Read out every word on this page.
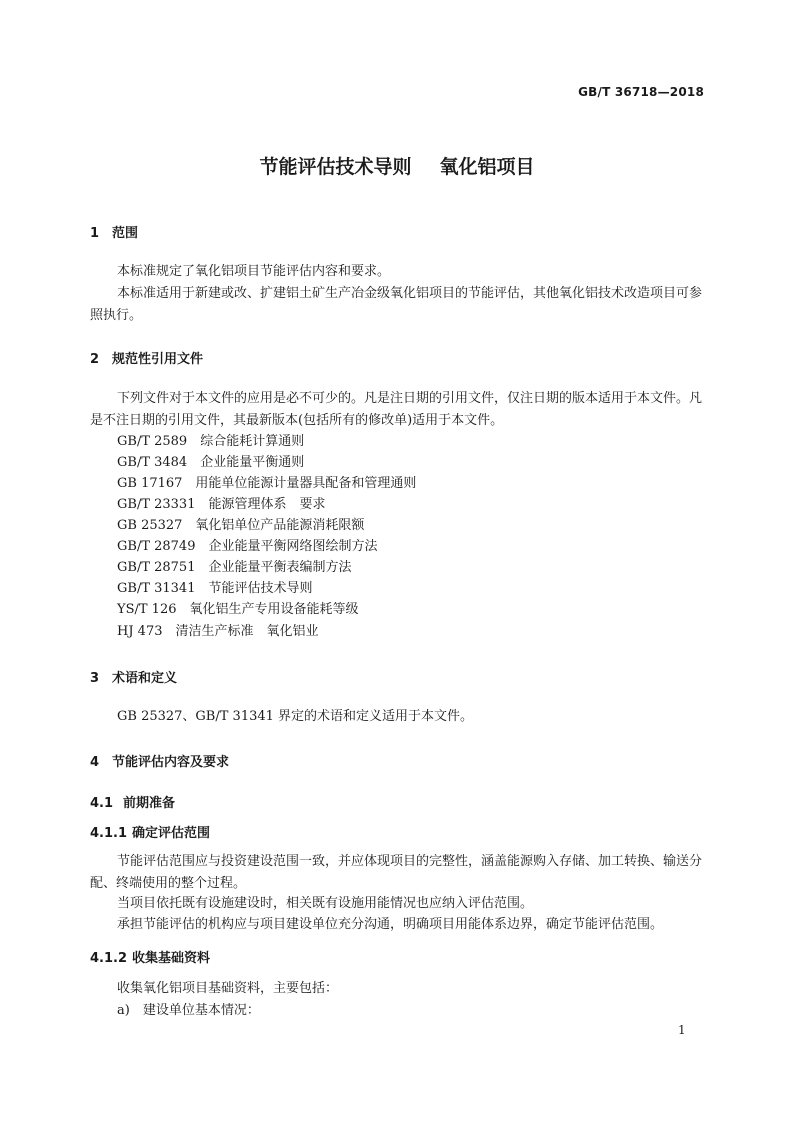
GB/T 36718—2018
节能评估技术导则 氧化铝项目
1 范围
本标准规定了氧化铝项目节能评估内容和要求。
本标准适用于新建或改、扩建铝土矿生产冶金级氧化铝项目的节能评估，其他氧化铝技术改造项目可参照执行。
2 规范性引用文件
下列文件对于本文件的应用是必不可少的。凡是注日期的引用文件，仅注日期的版本适用于本文件。凡是不注日期的引用文件，其最新版本(包括所有的修改单)适用于本文件。
GB/T 2589　综合能耗计算通则
GB/T 3484　企业能量平衡通则
GB 17167　用能单位能源计量器具配备和管理通则
GB/T 23331　能源管理体系　要求
GB 25327　氧化铝单位产品能源消耗限额
GB/T 28749　企业能量平衡网络图绘制方法
GB/T 28751　企业能量平衡表编制方法
GB/T 31341　节能评估技术导则
YS/T 126　氧化铝生产专用设备能耗等级
HJ 473　清洁生产标准　氧化铝业
3 术语和定义
GB 25327、GB/T 31341 界定的术语和定义适用于本文件。
4 节能评估内容及要求
4.1 前期准备
4.1.1 确定评估范围
节能评估范围应与投资建设范围一致，并应体现项目的完整性，涵盖能源购入存储、加工转换、输送分配、终端使用的整个过程。
当项目依托既有设施建设时，相关既有设施用能情况也应纳入评估范围。
承担节能评估的机构应与项目建设单位充分沟通，明确项目用能体系边界，确定节能评估范围。
4.1.2 收集基础资料
收集氧化铝项目基础资料，主要包括：
a)　建设单位基本情况：
1
